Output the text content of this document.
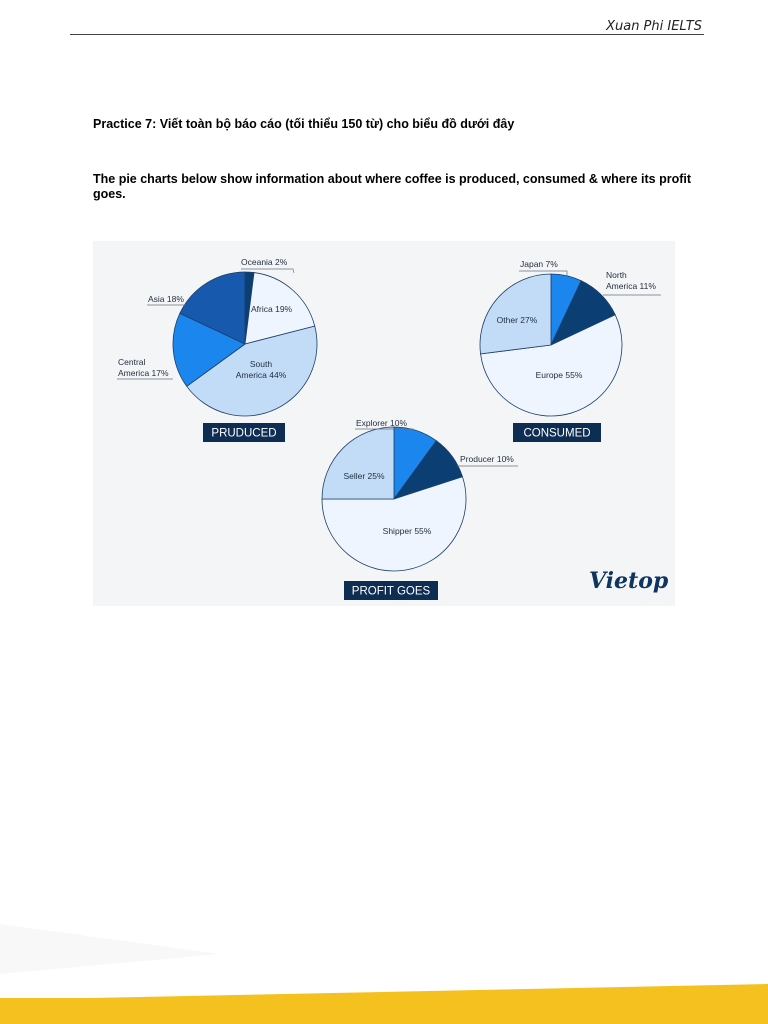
Xuan Phi IELTS
Practice 7: Viết toàn bộ báo cáo (tối thiểu 150 từ) cho biểu đồ dưới đây
The pie charts below show information about where coffee is produced, consumed & where its profit goes.
Oceania 2%
Africa 19%
South America 44%
Central America 17%
Asia 18%
Japan 7%
North America 11%
Europe 55%
Other 27%
Explorer 10%
Producer 10%
Shipper 55%
Seller 25%
PRUDUCED	CONSUMED
PROFIT GOES	Vietop
